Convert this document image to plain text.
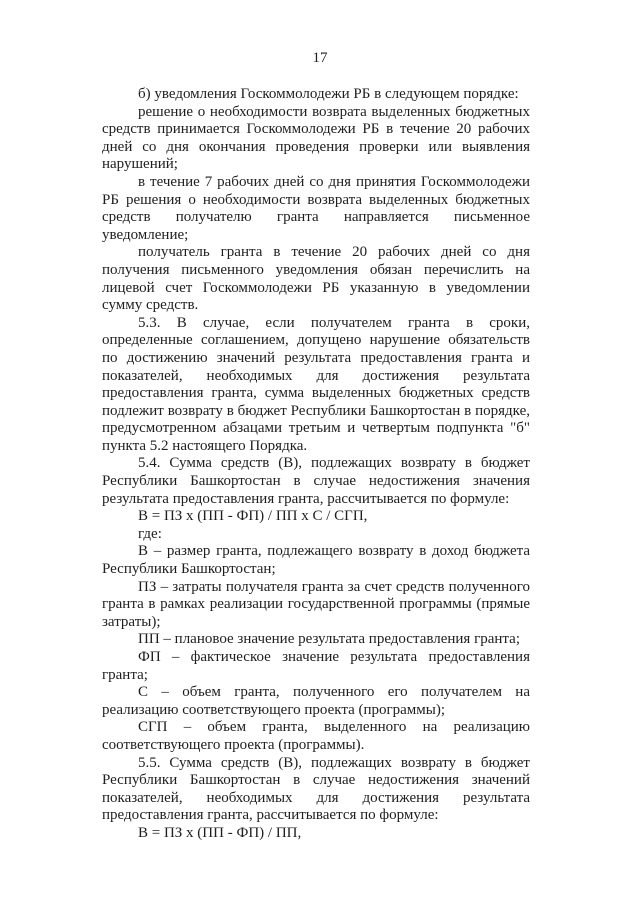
17

б) уведомления Госкоммолодежи РБ в следующем порядке:

решение о необходимости возврата выделенных бюджетных средств принимается Госкоммолодежи РБ в течение 20 рабочих дней со дня окончания проведения проверки или выявления нарушений;

в течение 7 рабочих дней со дня принятия Госкоммолодежи РБ решения о необходимости возврата выделенных бюджетных средств получателю гранта направляется письменное уведомление;

получатель гранта в течение 20 рабочих дней со дня получения письменного уведомления обязан перечислить на лицевой счет Госкоммолодежи РБ указанную в уведомлении сумму средств.

5.3. В случае, если получателем гранта в сроки, определенные соглашением, допущено нарушение обязательств по достижению значений результата предоставления гранта и показателей, необходимых для достижения результата предоставления гранта, сумма выделенных бюджетных средств подлежит возврату в бюджет Республики Башкортостан в порядке, предусмотренном абзацами третьим и четвертым подпункта "б" пункта 5.2 настоящего Порядка.

5.4. Сумма средств (В), подлежащих возврату в бюджет Республики Башкортостан в случае недостижения значения результата предоставления гранта, рассчитывается по формуле:

В = ПЗ х (ПП - ФП) / ПП х С / СГП,

где:

В – размер гранта, подлежащего возврату в доход бюджета Республики Башкортостан;

ПЗ – затраты получателя гранта за счет средств полученного гранта в рамках реализации государственной программы (прямые затраты);

ПП – плановое значение результата предоставления гранта;

ФП – фактическое значение результата предоставления гранта;

С – объем гранта, полученного его получателем на реализацию соответствующего проекта (программы);

СГП – объем гранта, выделенного на реализацию соответствующего проекта (программы).

5.5. Сумма средств (В), подлежащих возврату в бюджет Республики Башкортостан в случае недостижения значений показателей, необходимых для достижения результата предоставления гранта, рассчитывается по формуле:

В = ПЗ х (ПП - ФП) / ПП,
